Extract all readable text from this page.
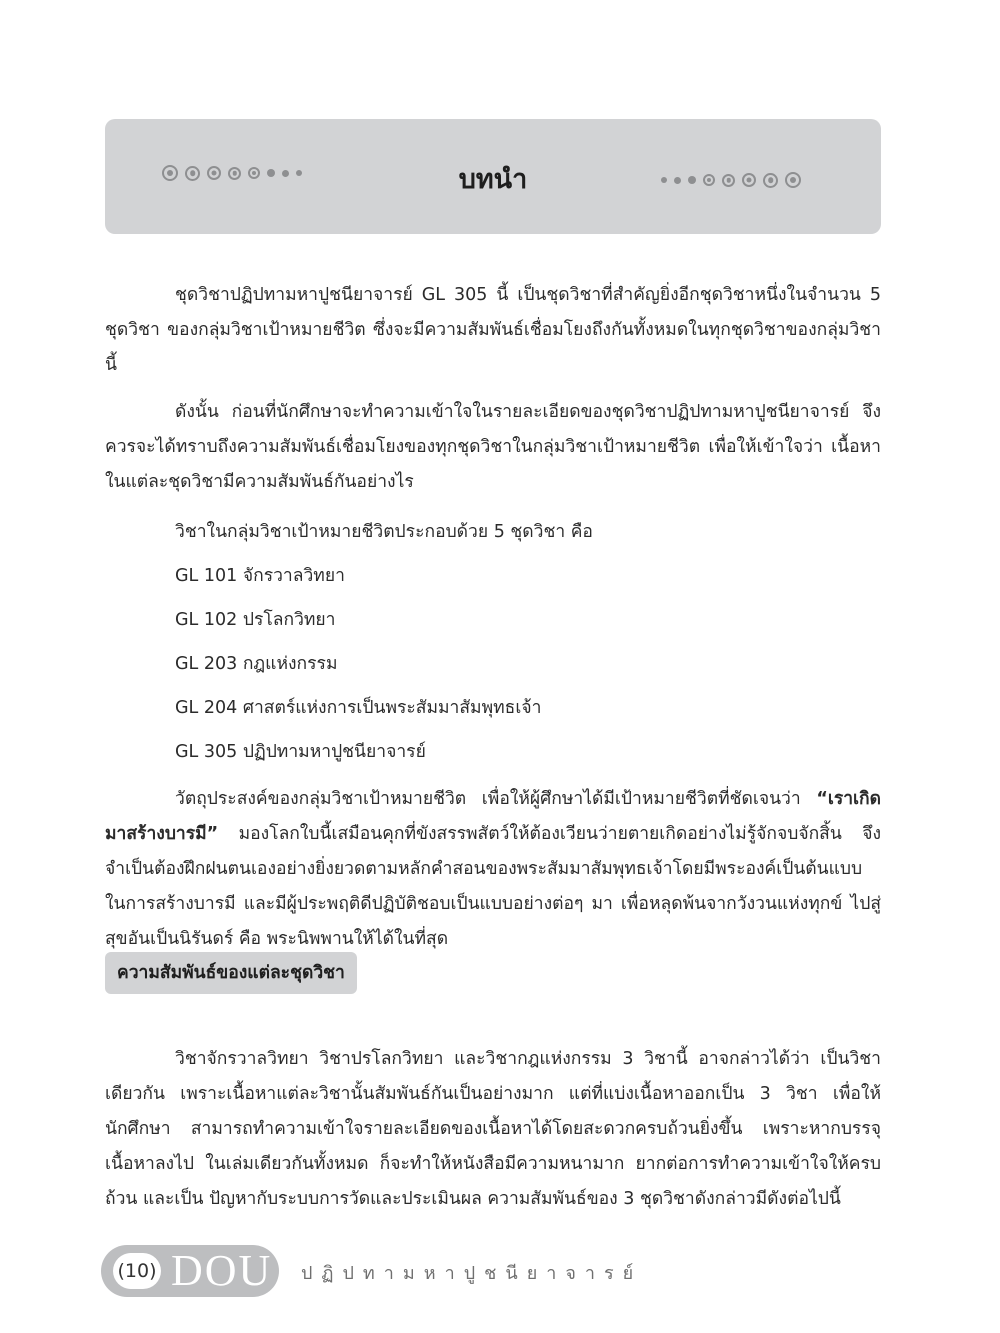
บทนำ
ชุดวิชาปฏิปทามหาปูชนียาจารย์ GL 305 นี้ เป็นชุดวิชาที่สำคัญยิ่งอีกชุดวิชาหนึ่งในจำนวน 5 ชุดวิชา ของกลุ่มวิชาเป้าหมายชีวิต ซึ่งจะมีความสัมพันธ์เชื่อมโยงถึงกันทั้งหมดในทุกชุดวิชาของกลุ่มวิชานี้
ดังนั้น ก่อนที่นักศึกษาจะทำความเข้าใจในรายละเอียดของชุดวิชาปฏิปทามหาปูชนียาจารย์ จึงควรจะได้ทราบถึงความสัมพันธ์เชื่อมโยงของทุกชุดวิชาในกลุ่มวิชาเป้าหมายชีวิต เพื่อให้เข้าใจว่า เนื้อหาในแต่ละชุดวิชามีความสัมพันธ์กันอย่างไร
วิชาในกลุ่มวิชาเป้าหมายชีวิตประกอบด้วย 5 ชุดวิชา คือ
GL 101 จักรวาลวิทยา
GL 102 ปรโลกวิทยา
GL 203 กฎแห่งกรรม
GL 204 ศาสตร์แห่งการเป็นพระสัมมาสัมพุทธเจ้า
GL 305 ปฏิปทามหาปูชนียาจารย์
วัตถุประสงค์ของกลุ่มวิชาเป้าหมายชีวิต เพื่อให้ผู้ศึกษาได้มีเป้าหมายชีวิตที่ชัดเจนว่า “เราเกิดมาสร้างบารมี” มองโลกใบนี้เสมือนคุกที่ขังสรรพสัตว์ให้ต้องเวียนว่ายตายเกิดอย่างไม่รู้จักจบจักสิ้น จึงจำเป็นต้องฝึกฝนตนเองอย่างยิ่งยวดตามหลักคำสอนของพระสัมมาสัมพุทธเจ้าโดยมีพระองค์เป็นต้นแบบ ในการสร้างบารมี และมีผู้ประพฤติดีปฏิบัติชอบเป็นแบบอย่างต่อๆ มา เพื่อหลุดพ้นจากวังวนแห่งทุกข์ ไปสู่สุขอันเป็นนิรันดร์ คือ พระนิพพานให้ได้ในที่สุด
ความสัมพันธ์ของแต่ละชุดวิชา
วิชาจักรวาลวิทยา วิชาปรโลกวิทยา และวิชากฎแห่งกรรม 3 วิชานี้ อาจกล่าวได้ว่า เป็นวิชาเดียวกัน เพราะเนื้อหาแต่ละวิชานั้นสัมพันธ์กันเป็นอย่างมาก แต่ที่แบ่งเนื้อหาออกเป็น 3 วิชา เพื่อให้นักศึกษา สามารถทำความเข้าใจรายละเอียดของเนื้อหาได้โดยสะดวกครบถ้วนยิ่งขึ้น เพราะหากบรรจุเนื้อหาลงไป ในเล่มเดียวกันทั้งหมด ก็จะทำให้หนังสือมีความหนามาก ยากต่อการทำความเข้าใจให้ครบถ้วน และเป็น ปัญหากับระบบการวัดและประเมินผล ความสัมพันธ์ของ 3 ชุดวิชาดังกล่าวมีดังต่อไปนี้
(10) DOU ปฏิปทามหาปูชนียาจารย์
